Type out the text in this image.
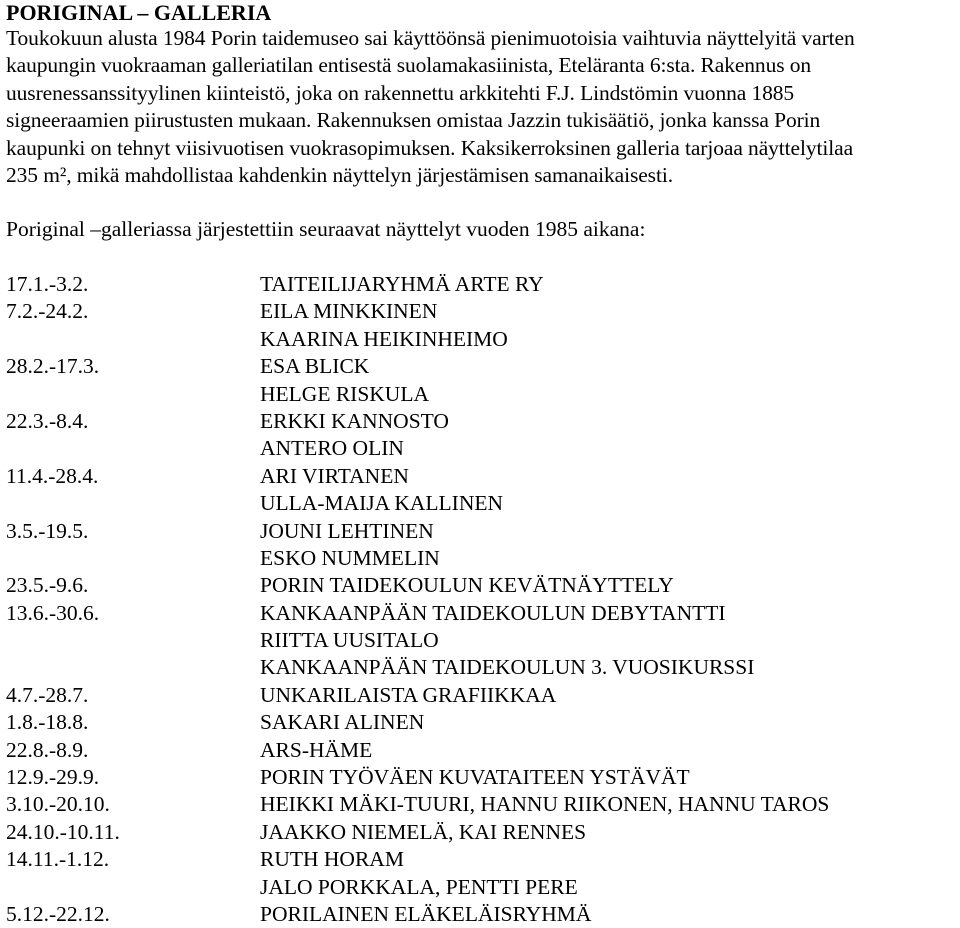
PORIGINAL – GALLERIA

Toukokuun alusta 1984 Porin taidemuseo sai käyttöönsä pienimuotoisia vaihtuvia näyttelyitä varten
kaupungin vuokraaman galleriatilan entisestä suolamakasiinista, Eteläranta 6:sta. Rakennus on
uusrenessanssityylinen kiinteistö, joka on rakennettu arkkitehti F.J. Lindstömin vuonna 1885
signeeraamien piirustusten mukaan. Rakennuksen omistaa Jazzin tukisäätiö, jonka kanssa Porin
kaupunki on tehnyt viisivuotisen vuokrasopimuksen. Kaksikerroksinen galleria tarjoaa näyttelytilaa
235 m², mikä mahdollistaa kahdenkin näyttelyn järjestämisen samanaikaisesti.

Poriginal –galleriassa järjestettiin seuraavat näyttelyt vuoden 1985 aikana:

17.1.-3.2.	TAITEILIJARYHMÄ ARTE RY
7.2.-24.2.	EILA MINKKINEN
KAARINA HEIKINHEIMO
28.2.-17.3.	ESA BLICK
HELGE RISKULA
22.3.-8.4.	ERKKI KANNOSTO
ANTERO OLIN
11.4.-28.4.	ARI VIRTANEN
ULLA-MAIJA KALLINEN
3.5.-19.5.	JOUNI LEHTINEN
ESKO NUMMELIN
23.5.-9.6.	PORIN TAIDEKOULUN KEVÄTNÄYTTELY
13.6.-30.6.	KANKAANPÄÄN TAIDEKOULUN DEBYTANTTI
RIITTA UUSITALO
KANKAANPÄÄN TAIDEKOULUN 3. VUOSIKURSSI
4.7.-28.7.	UNKARILAISTA GRAFIIKKAA
1.8.-18.8.	SAKARI ALINEN
22.8.-8.9.	ARS-HÄME
12.9.-29.9.	PORIN TYÖVÄEN KUVATAITEEN YSTÄVÄT
3.10.-20.10.	HEIKKI MÄKI-TUURI, HANNU RIIKONEN, HANNU TAROS
24.10.-10.11.	JAAKKO NIEMELÄ, KAI RENNES
14.11.-1.12.	RUTH HORAM
JALO PORKKALA, PENTTI PERE
5.12.-22.12.	PORILAINEN ELÄKELÄISRYHMÄ
